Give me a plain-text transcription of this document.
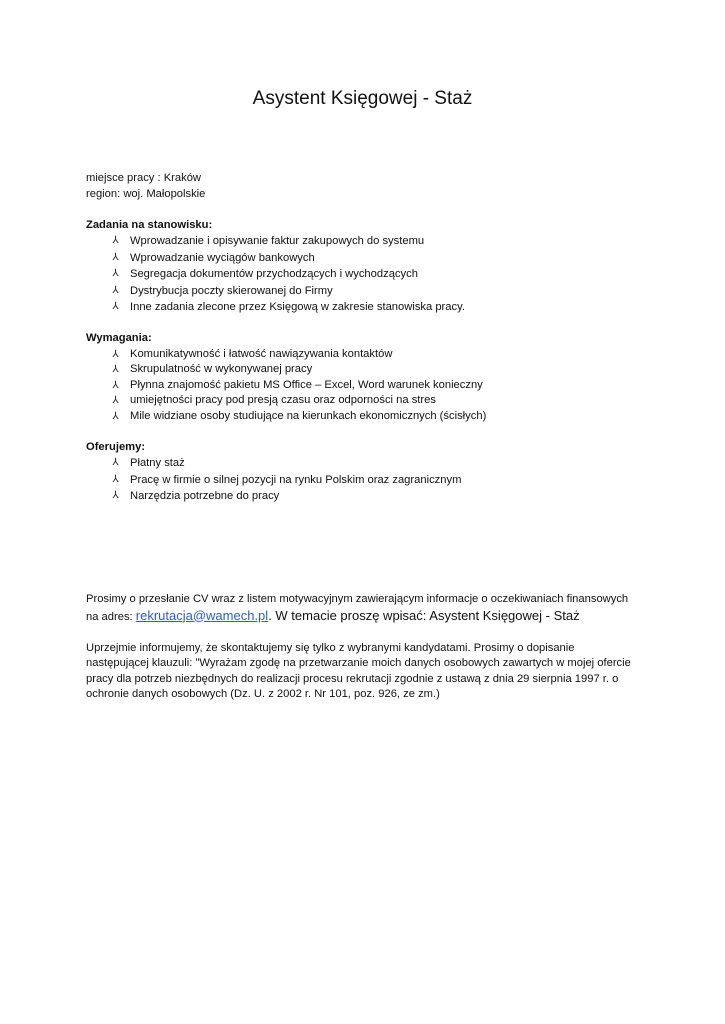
Asystent Księgowej - Staż

miejsce pracy : Kraków

region: woj. Małopolskie

Zadania na stanowisku:

⅄ Wprowadzanie i opisywanie faktur zakupowych do systemu
⅄ Wprowadzanie wyciągów bankowych
⅄ Segregacja dokumentów przychodzących i wychodzących
⅄ Dystrybucja poczty skierowanej do Firmy
⅄ Inne zadania zlecone przez Księgową w zakresie stanowiska pracy.

Wymagania:

⅄ Komunikatywność i łatwość nawiązywania kontaktów
⅄ Skrupulatność w wykonywanej pracy
⅄ Płynna znajomość pakietu MS Office – Excel, Word warunek konieczny
⅄ umiejętności pracy pod presją czasu oraz odporności na stres
⅄ Mile widziane osoby studiujące na kierunkach ekonomicznych (ścisłych)

Oferujemy:

⅄ Płatny staż
⅄ Pracę w firmie o silnej pozycji na rynku Polskim oraz zagranicznym
⅄ Narzędzia potrzebne do pracy

Prosimy o przesłanie CV wraz z listem motywacyjnym zawierającym informacje o oczekiwaniach finansowych

na adres: rekrutacja@wamech.pl. W temacie proszę wpisać: Asystent Księgowej - Staż

Uprzejmie informujemy, że skontaktujemy się tylko z wybranymi kandydatami. Prosimy o dopisanie

następującej klauzuli: "Wyrażam zgodę na przetwarzanie moich danych osobowych zawartych w mojej ofercie

pracy dla potrzeb niezbędnych do realizacji procesu rekrutacji zgodnie z ustawą z dnia 29 sierpnia 1997 r. o

ochronie danych osobowych (Dz. U. z 2002 r. Nr 101, poz. 926, ze zm.)
